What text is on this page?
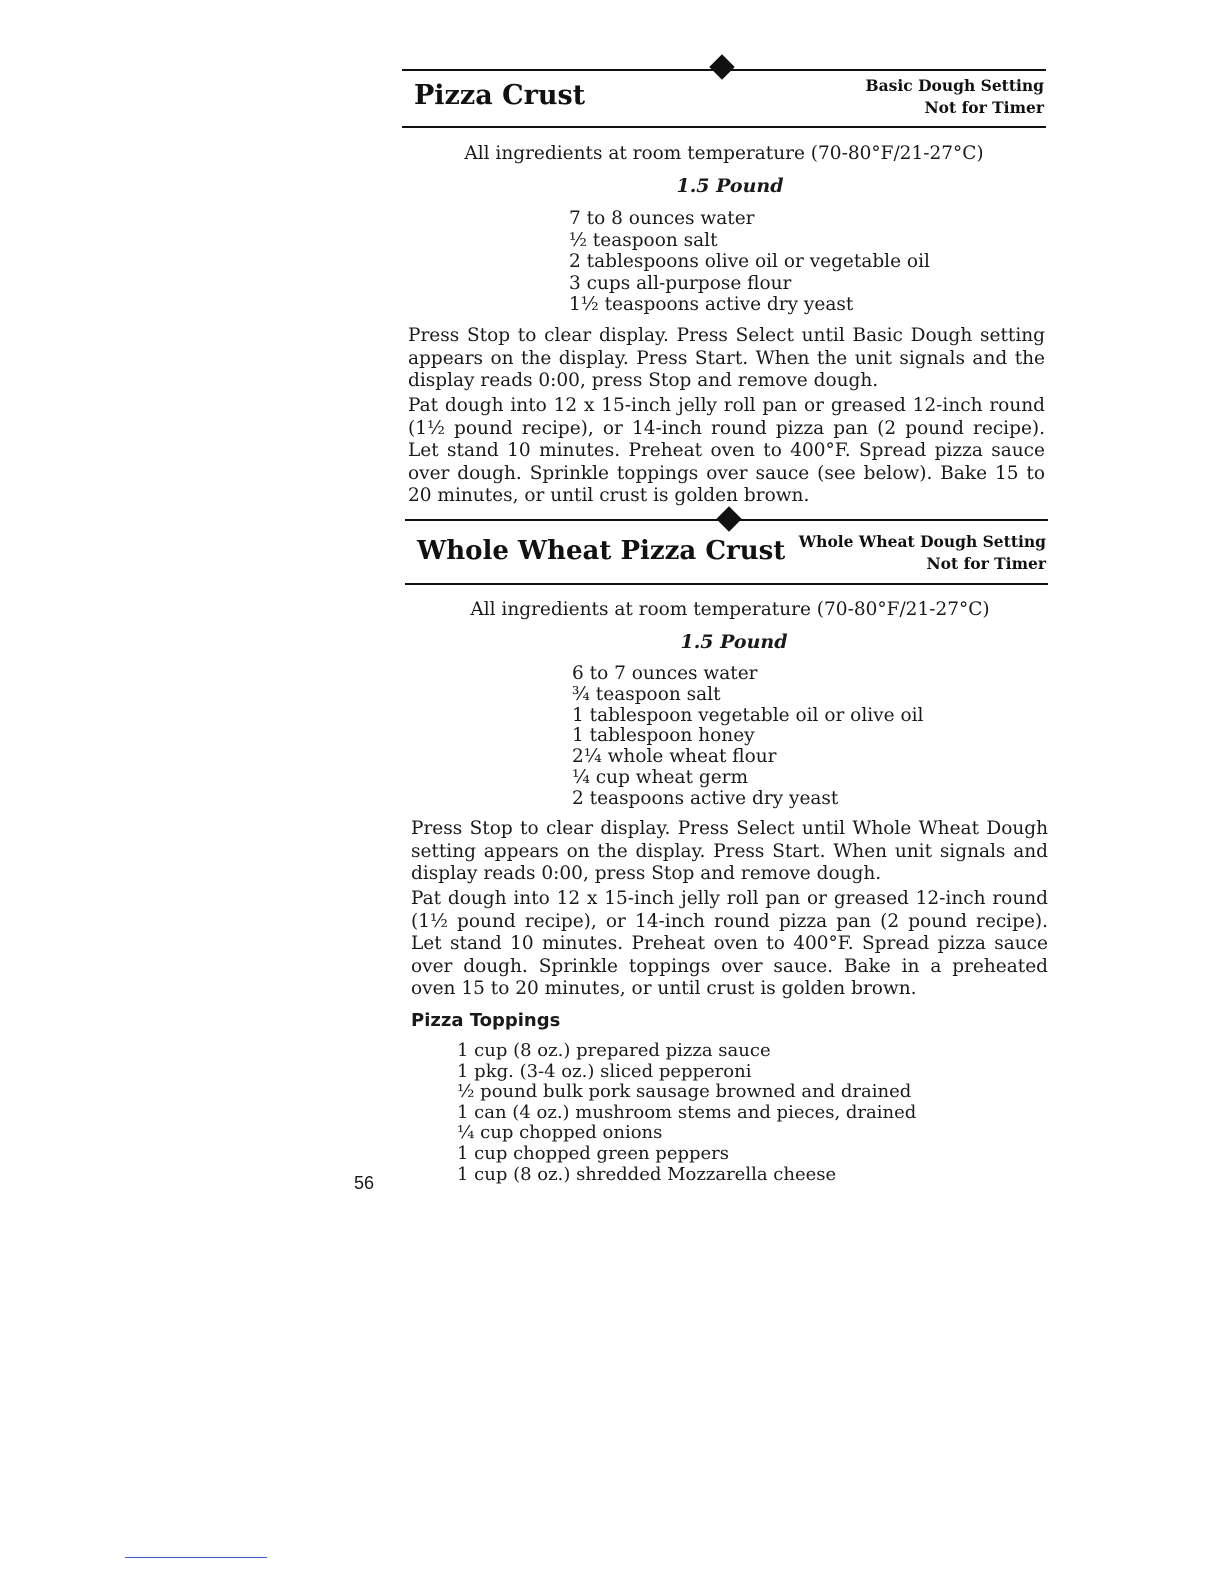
Pizza Crust	Basic Dough Setting
Not for Timer
All ingredients at room temperature (70-80°F/21-27°C)
1.5 Pound
7 to 8 ounces water
½ teaspoon salt
2 tablespoons olive oil or vegetable oil
3 cups all-purpose flour
1½ teaspoons active dry yeast

Press Stop to clear display. Press Select until Basic Dough setting appears on the display. Press Start. When the unit signals and the display reads 0:00, press Stop and remove dough.

Pat dough into 12 x 15-inch jelly roll pan or greased 12-inch round (1½ pound recipe), or 14-inch round pizza pan (2 pound recipe). Let stand 10 minutes. Preheat oven to 400°F. Spread pizza sauce over dough. Sprinkle toppings over sauce (see below). Bake 15 to 20 minutes, or until crust is golden brown.

Whole Wheat Pizza Crust Whole Wheat Dough Setting
Not for Timer
All ingredients at room temperature (70-80°F/21-27°C)
1.5 Pound
6 to 7 ounces water
¾ teaspoon salt
1 tablespoon vegetable oil or olive oil
1 tablespoon honey
2¼ whole wheat flour
¼ cup wheat germ
2 teaspoons active dry yeast

Press Stop to clear display. Press Select until Whole Wheat Dough setting appears on the display. Press Start. When unit signals and display reads 0:00, press Stop and remove dough.

Pat dough into 12 x 15-inch jelly roll pan or greased 12-inch round (1½ pound recipe), or 14-inch round pizza pan (2 pound recipe). Let stand 10 minutes. Preheat oven to 400°F. Spread pizza sauce over dough. Sprinkle toppings over sauce. Bake in a preheated oven 15 to 20 minutes, or until crust is golden brown.

Pizza Toppings
1 cup (8 oz.) prepared pizza sauce
1 pkg. (3-4 oz.) sliced pepperoni
½ pound bulk pork sausage browned and drained
1 can (4 oz.) mushroom stems and pieces, drained
¼ cup chopped onions
1 cup chopped green peppers
1 cup (8 oz.) shredded Mozzarella cheese
56
